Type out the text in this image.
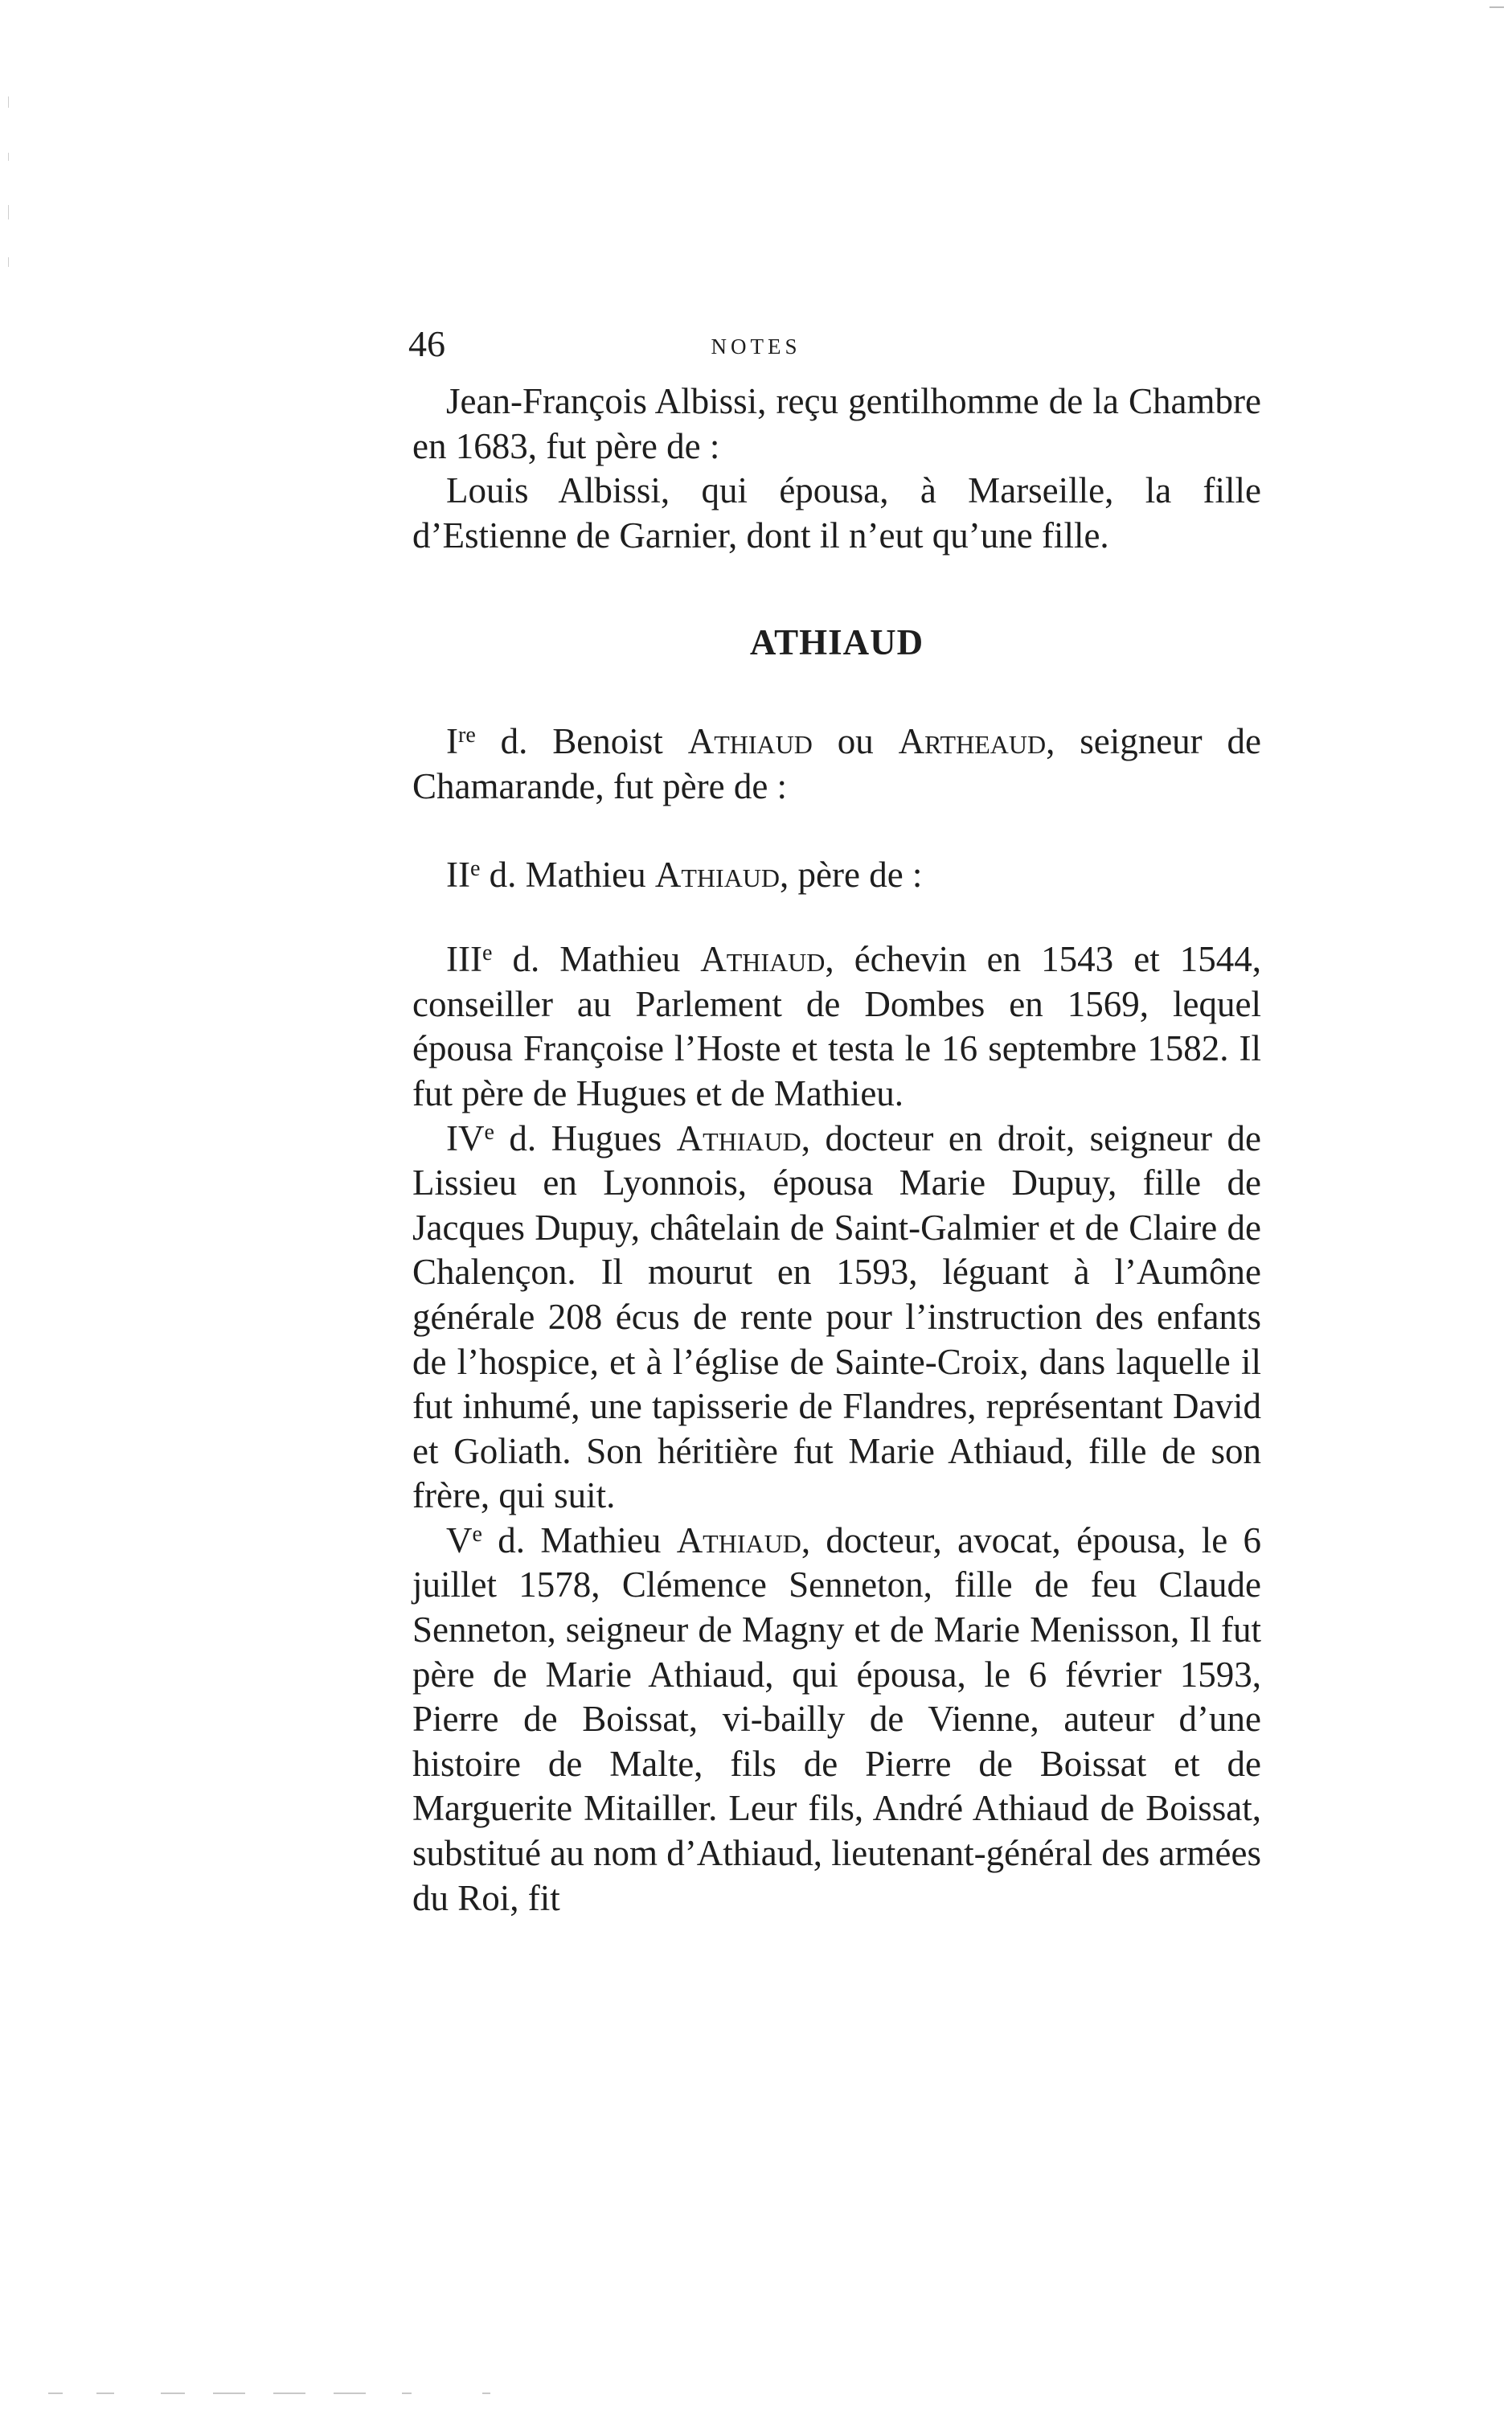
46	NOTES

Jean-François Albissi, reçu gentilhomme de la Chambre en 1683, fut père de :

Louis Albissi, qui épousa, à Marseille, la fille d’Estienne de Garnier, dont il n’eut qu’une fille.

ATHIAUD

Ire d. Benoist Athiaud ou Artheaud, seigneur de Chamarande, fut père de :

IIe d. Mathieu Athiaud, père de :

IIIe d. Mathieu Athiaud, échevin en 1543 et 1544, conseiller au Parlement de Dombes en 1569, lequel épousa Françoise l’Hoste et testa le 16 septembre 1582. Il fut père de Hugues et de Mathieu.

IVe d. Hugues Athiaud, docteur en droit, seigneur de Lissieu en Lyonnois, épousa Marie Dupuy, fille de Jacques Dupuy, châtelain de Saint-Galmier et de Claire de Chalençon. Il mourut en 1593, léguant à l’Aumône générale 208 écus de rente pour l’instruction des enfants de l’hospice, et à l’église de Sainte-Croix, dans laquelle il fut inhumé, une tapisserie de Flandres, représentant David et Goliath. Son héritière fut Marie Athiaud, fille de son frère, qui suit.

Ve d. Mathieu Athiaud, docteur, avocat, épousa, le 6 juillet 1578, Clémence Senneton, fille de feu Claude Senneton, seigneur de Magny et de Marie Menisson, Il fut père de Marie Athiaud, qui épousa, le 6 février 1593, Pierre de Boissat, vi-bailly de Vienne, auteur d’une histoire de Malte, fils de Pierre de Boissat et de Marguerite Mitailler. Leur fils, André Athiaud de Boissat, substitué au nom d’Athiaud, lieutenant-général des armées du Roi, fit
